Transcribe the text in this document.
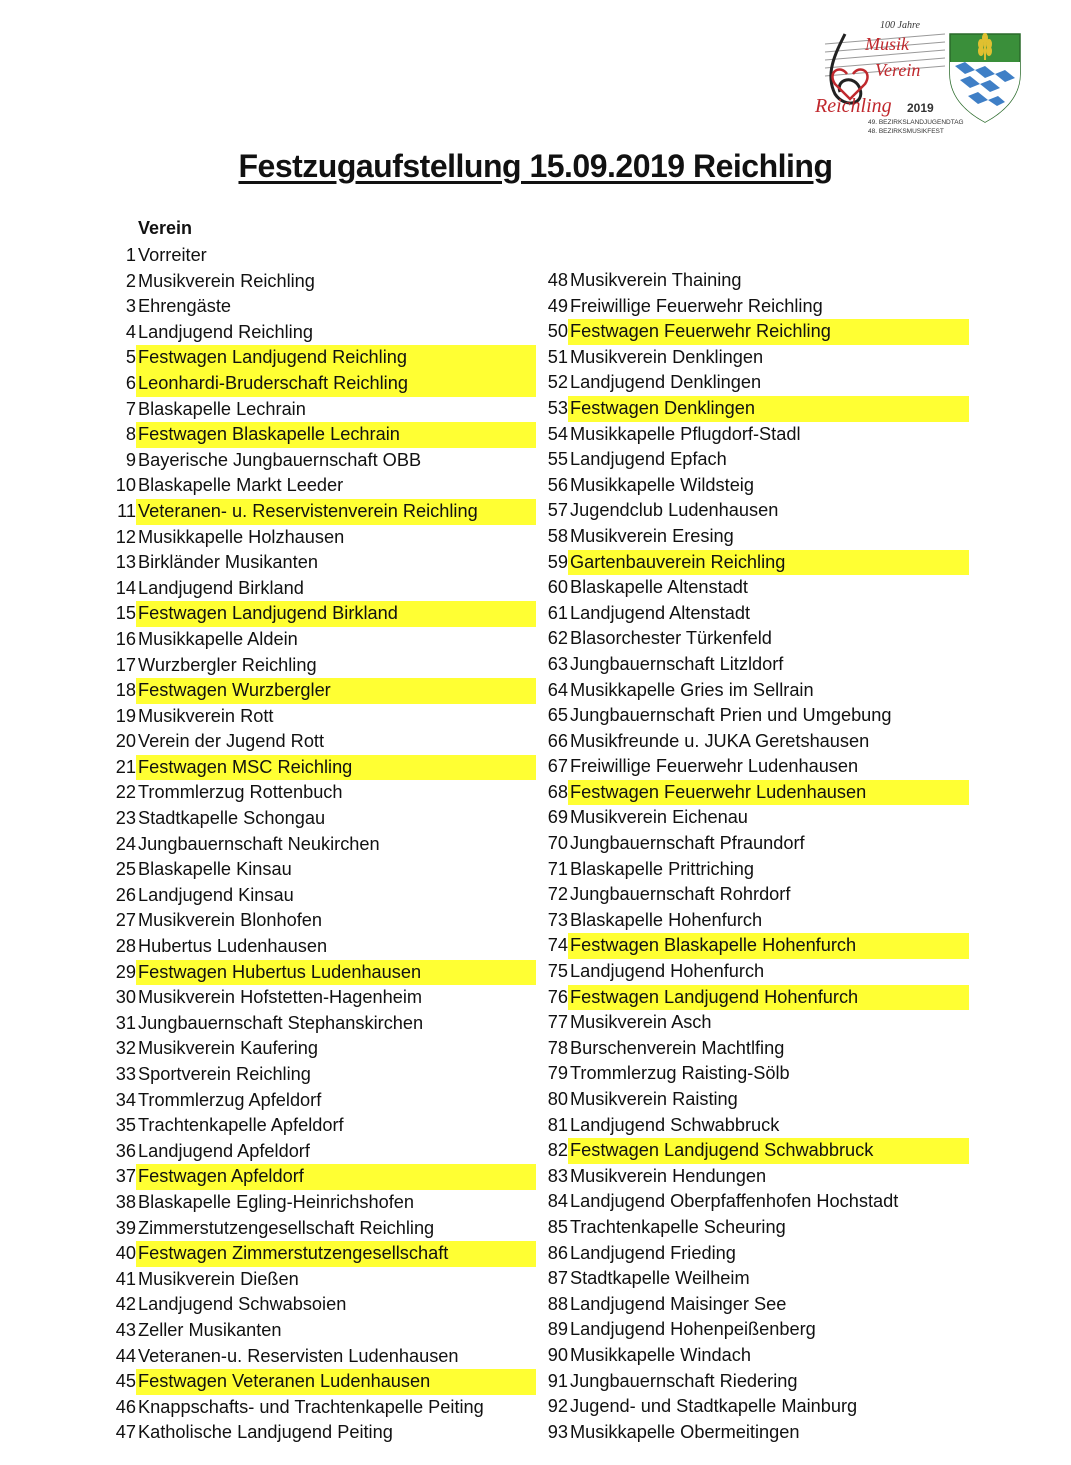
100 Jahre
Musik
Verein
Reichling 2019
49. BEZIRKSLANDJUGENDTAG
48. BEZIRKSMUSIKFEST
Festzugaufstellung 15.09.2019 Reichling
Verein
1 Vorreiter
2 Musikverein Reichling
3 Ehrengäste
4 Landjugend Reichling
5 Festwagen Landjugend Reichling
6 Leonhardi-Bruderschaft Reichling
7 Blaskapelle Lechrain
8 Festwagen Blaskapelle Lechrain
9 Bayerische Jungbauernschaft OBB
10 Blaskapelle Markt Leeder
11 Veteranen- u. Reservistenverein Reichling
12 Musikkapelle Holzhausen
13 Birkländer Musikanten
14 Landjugend Birkland
15 Festwagen Landjugend Birkland
16 Musikkapelle Aldein
17 Wurzbergler Reichling
18 Festwagen Wurzbergler
19 Musikverein Rott
20 Verein der Jugend Rott
21 Festwagen MSC Reichling
22 Trommlerzug Rottenbuch
23 Stadtkapelle Schongau
24 Jungbauernschaft Neukirchen
25 Blaskapelle Kinsau
26 Landjugend Kinsau
27 Musikverein Blonhofen
28 Hubertus Ludenhausen
29 Festwagen Hubertus Ludenhausen
30 Musikverein Hofstetten-Hagenheim
31 Jungbauernschaft Stephanskirchen
32 Musikverein Kaufering
33 Sportverein Reichling
34 Trommlerzug Apfeldorf
35 Trachtenkapelle Apfeldorf
36 Landjugend Apfeldorf
37 Festwagen Apfeldorf
38 Blaskapelle Egling-Heinrichshofen
39 Zimmerstutzengesellschaft Reichling
40 Festwagen Zimmerstutzengesellschaft
41 Musikverein Dießen
42 Landjugend Schwabsoien
43 Zeller Musikanten
44 Veteranen-u. Reservisten Ludenhausen
45 Festwagen Veteranen Ludenhausen
46 Knappschafts- und Trachtenkapelle Peiting
47 Katholische Landjugend Peiting
48 Musikverein Thaining
49 Freiwillige Feuerwehr Reichling
50 Festwagen Feuerwehr Reichling
51 Musikverein Denklingen
52 Landjugend Denklingen
53 Festwagen Denklingen
54 Musikkapelle Pflugdorf-Stadl
55 Landjugend Epfach
56 Musikkapelle Wildsteig
57 Jugendclub Ludenhausen
58 Musikverein Eresing
59 Gartenbauverein Reichling
60 Blaskapelle Altenstadt
61 Landjugend Altenstadt
62 Blasorchester Türkenfeld
63 Jungbauernschaft Litzldorf
64 Musikkapelle Gries im Sellrain
65 Jungbauernschaft Prien und Umgebung
66 Musikfreunde u. JUKA Geretshausen
67 Freiwillige Feuerwehr Ludenhausen
68 Festwagen Feuerwehr Ludenhausen
69 Musikverein Eichenau
70 Jungbauernschaft Pfraundorf
71 Blaskapelle Prittriching
72 Jungbauernschaft Rohrdorf
73 Blaskapelle Hohenfurch
74 Festwagen Blaskapelle Hohenfurch
75 Landjugend Hohenfurch
76 Festwagen Landjugend Hohenfurch
77 Musikverein Asch
78 Burschenverein Machtlfing
79 Trommlerzug Raisting-Sölb
80 Musikverein Raisting
81 Landjugend Schwabbruck
82 Festwagen Landjugend Schwabbruck
83 Musikverein Hendungen
84 Landjugend Oberpfaffenhofen Hochstadt
85 Trachtenkapelle Scheuring
86 Landjugend Frieding
87 Stadtkapelle Weilheim
88 Landjugend Maisinger See
89 Landjugend Hohenpeißenberg
90 Musikkapelle Windach
91 Jungbauernschaft Riedering
92 Jugend- und Stadtkapelle Mainburg
93 Musikkapelle Obermeitingen
